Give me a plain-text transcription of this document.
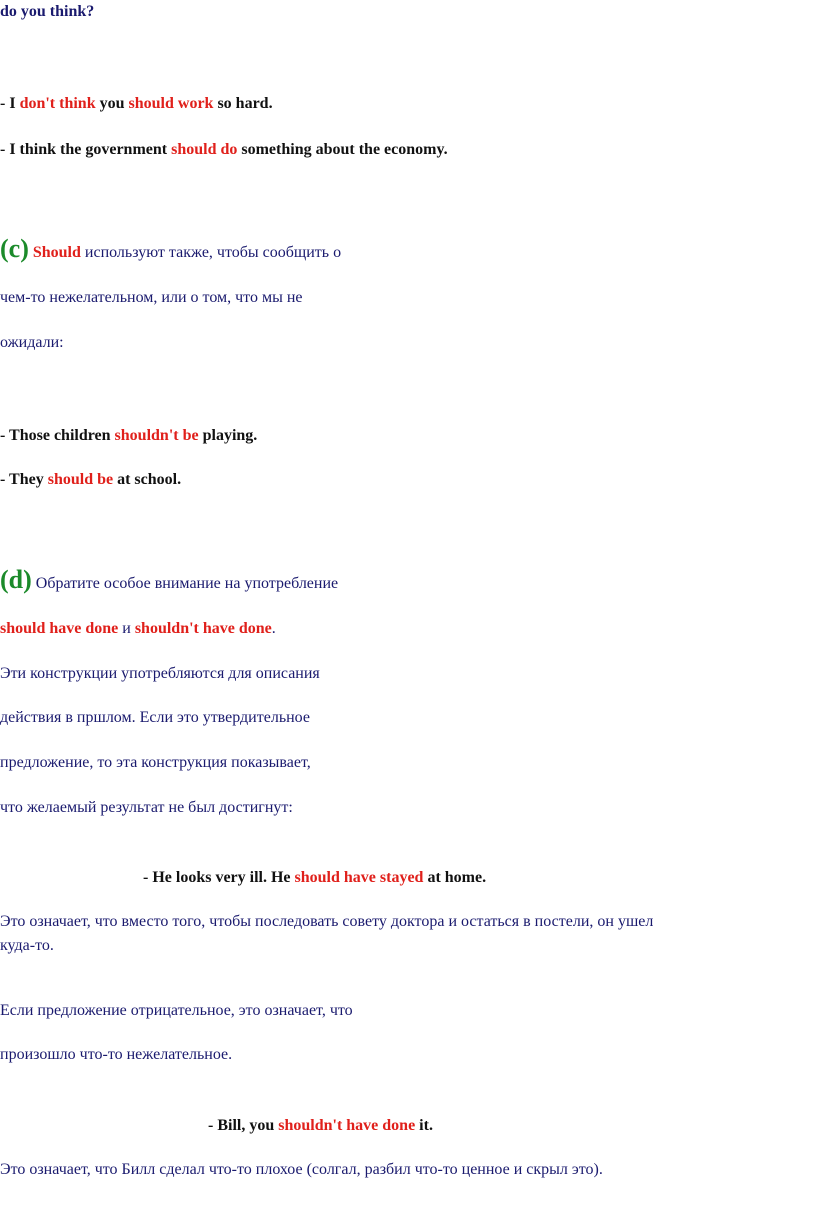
do you think?
- I don't think you should work so hard.
- I think the government should do something about the economy.
(c) Should используют также, чтобы сообщить о
чем-то нежелательном, или о том, что мы не
ожидали:
- Those children shouldn't be playing.
- They should be at school.
(d) Обратите особое внимание на употребление
should have done и shouldn't have done.
Эти конструкции употребляются для описания
действия в пршлом. Если это утвердительное
предложение, то эта конструкция показывает,
что желаемый результат не был достигнут:
- He looks very ill. He should have stayed at home.
Это означает, что вместо того, чтобы последовать совету доктора и остаться в постели, он ушел куда-то.
Если предложение отрицательное, это означает, что
произошло что-то нежелательное.
- Bill, you shouldn't have done it.
Это означает, что Билл сделал что-то плохое (солгал, разбил что-то ценное и скрыл это).
